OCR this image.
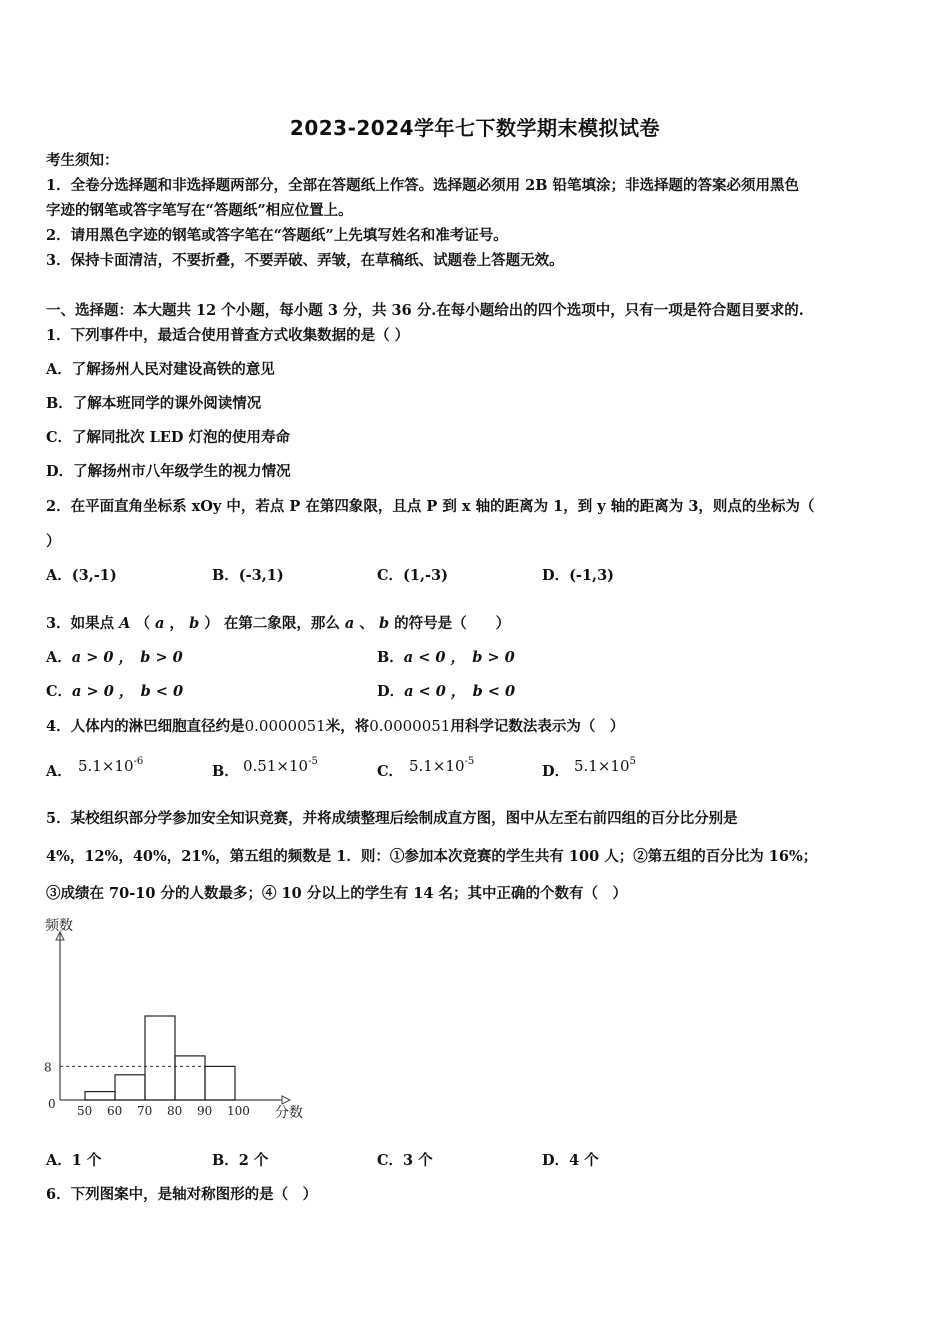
2023-2024学年七下数学期末模拟试卷
考生须知：
1．全卷分选择题和非选择题两部分，全部在答题纸上作答。选择题必须用 2B 铅笔填涂；非选择题的答案必须用黑色
字迹的钢笔或答字笔写在“答题纸”相应位置上。
2．请用黑色字迹的钢笔或答字笔在“答题纸”上先填写姓名和准考证号。
3．保持卡面清洁，不要折叠，不要弄破、弄皱，在草稿纸、试题卷上答题无效。
一、选择题：本大题共 12 个小题，每小题 3 分，共 36 分.在每小题给出的四个选项中，只有一项是符合题目要求的.
1．下列事件中，最适合使用普查方式收集数据的是（ ）
A．了解扬州人民对建设高铁的意见
B．了解本班同学的课外阅读情况
C．了解同批次 LED 灯泡的使用寿命
D．了解扬州市八年级学生的视力情况
2．在平面直角坐标系 xOy 中，若点 P 在第四象限，且点 P 到 x 轴的距离为 1，到 y 轴的距离为 3，则点的坐标为（
）
A．(3,-1)	B．(-3,1)	C．(1,-3)	D．(-1,3)
3．如果点 A （ a ， b ） 在第二象限，那么 a 、 b 的符号是（　　）
A．a > 0 ，　b > 0	B．a < 0 ，　b > 0
C．a > 0 ，　b < 0	D．a < 0 ，　b < 0
4．人体内的淋巴细胞直径约是0.0000051米，将0.0000051用科学记数法表示为（　）
A． $5.1\times 10^{-6}$
B． $0.51\times 10^{-5}$
C． $5.1\times 10^{-5}$
D． $5.1\times 10^5$
5．某校组织部分学参加安全知识竞赛，并将成绩整理后绘制成直方图，图中从左至右前四组的百分比分别是
4%，12%，40%，21%，第五组的频数是 1．则：①参加本次竞赛的学生共有 100 人；②第五组的百分比为 16%；
③成绩在 70-10 分的人数最多；④ 10 分以上的学生有 14 名；其中正确的个数有（　）
频数
分数
0
8
50 60 70 80 90 100
A．1 个	B．2 个	C．3 个	D．4 个
6．下列图案中，是轴对称图形的是（　）
